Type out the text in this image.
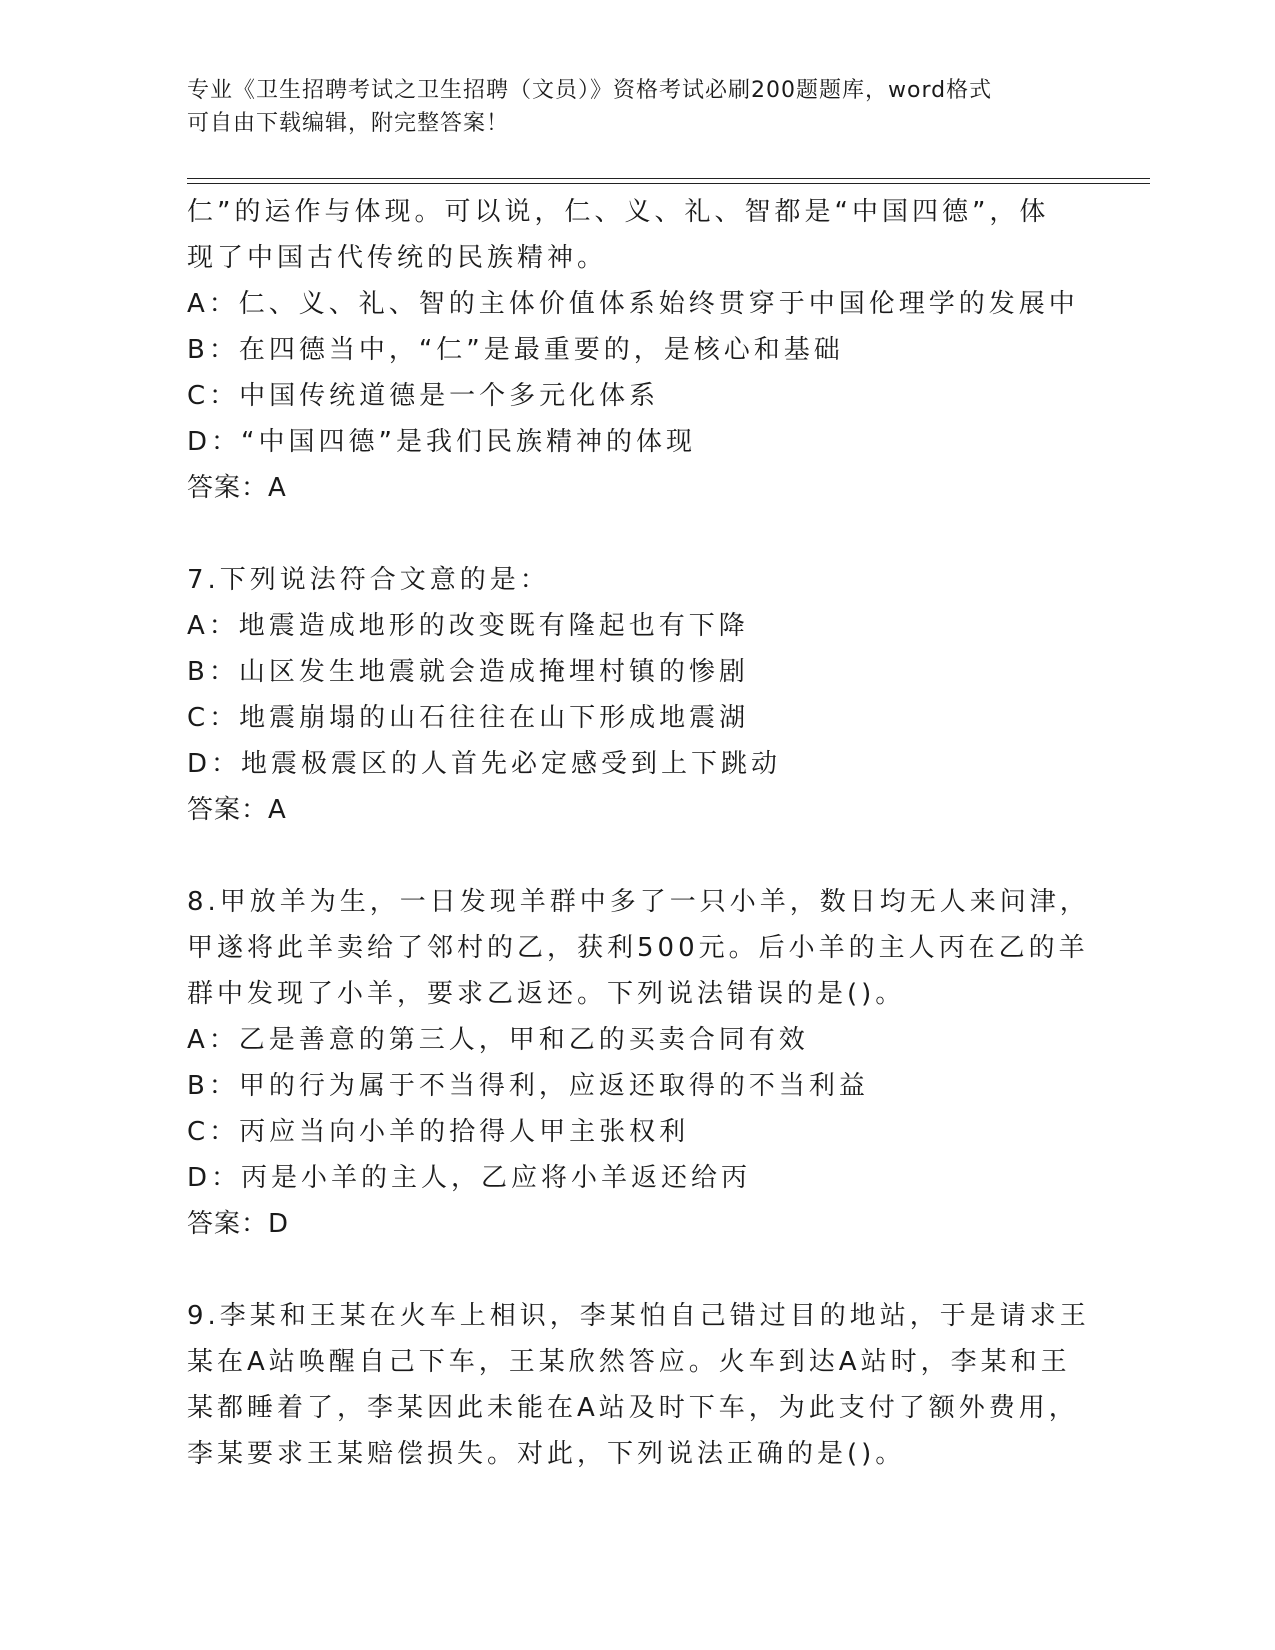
专业《卫生招聘考试之卫生招聘（文员）》资格考试必刷200题题库，word格式
可自由下载编辑，附完整答案！
仁”的运作与体现。可以说，仁、义、礼、智都是“中国四德”，体
现了中国古代传统的民族精神。
A：仁、义、礼、智的主体价值体系始终贯穿于中国伦理学的发展中
B：在四德当中，“仁”是最重要的，是核心和基础
C：中国传统道德是一个多元化体系
D：“中国四德”是我们民族精神的体现
答案：A
7.下列说法符合文意的是：
A：地震造成地形的改变既有隆起也有下降
B：山区发生地震就会造成掩埋村镇的惨剧
C：地震崩塌的山石往往在山下形成地震湖
D：地震极震区的人首先必定感受到上下跳动
答案：A
8.甲放羊为生，一日发现羊群中多了一只小羊，数日均无人来问津，
甲遂将此羊卖给了邻村的乙，获利500元。后小羊的主人丙在乙的羊
群中发现了小羊，要求乙返还。下列说法错误的是()。
A：乙是善意的第三人，甲和乙的买卖合同有效
B：甲的行为属于不当得利，应返还取得的不当利益
C：丙应当向小羊的拾得人甲主张权利
D：丙是小羊的主人，乙应将小羊返还给丙
答案：D
9.李某和王某在火车上相识，李某怕自己错过目的地站，于是请求王
某在A站唤醒自己下车，王某欣然答应。火车到达A站时，李某和王
某都睡着了，李某因此未能在A站及时下车，为此支付了额外费用，
李某要求王某赔偿损失。对此，下列说法正确的是()。
